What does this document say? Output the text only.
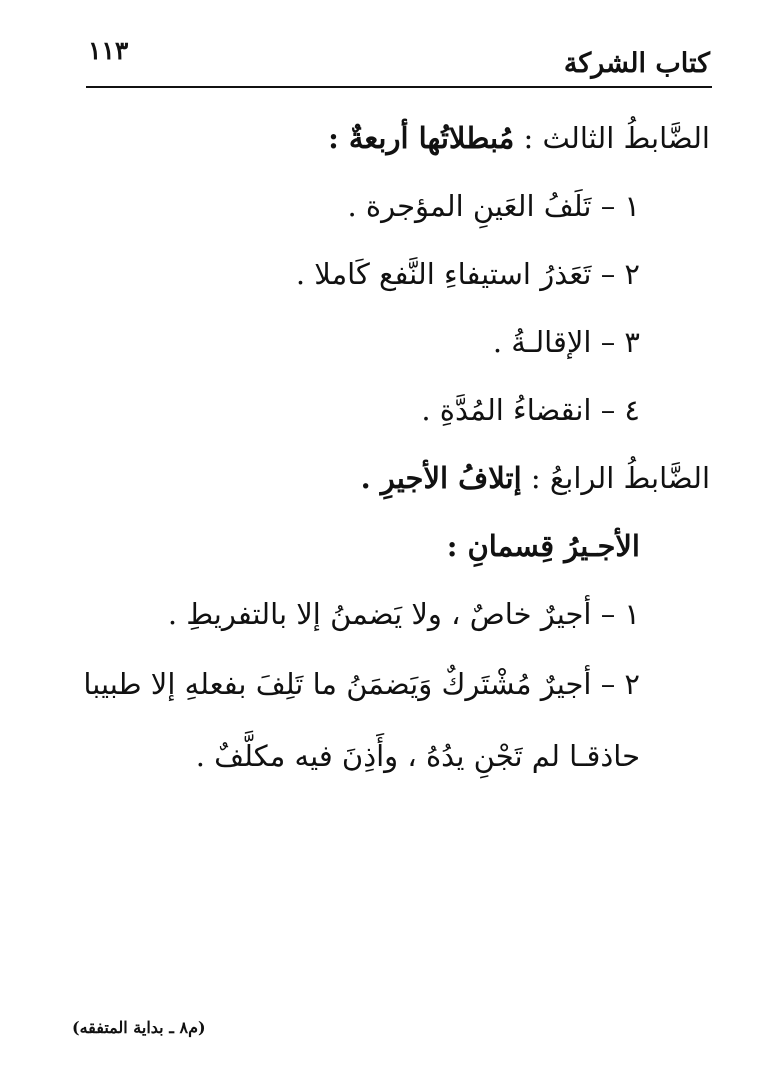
١١٣	كتاب الشركة
الضَّابطُ الثالث : مُبطلاتُها أربعةٌ :
١ – تَلَفُ العَينِ المؤجرة .
٢ – تَعَذرُ استيفاءِ النَّفع كَاملا .
٣ – الإقالـةُ .
٤ – انقضاءُ المُدَّةِ .
الضَّابطُ الرابعُ : إتلافُ الأجيرِ .
الأجـيرُ قِسمانِ :
١ – أجيرٌ خاصٌ ، ولا يَضمنُ إلا بالتفريطِ .
٢ – أجيرٌ مُشْتَركٌ وَيَضمَنُ ما تَلِفَ بفعلهِ إلا طبيبا حاذقـا لم تَجْنِ يدُهُ ، وأَذِنَ فيه مكلَّفٌ .
(م٨ ـ بداية المتفقه)
